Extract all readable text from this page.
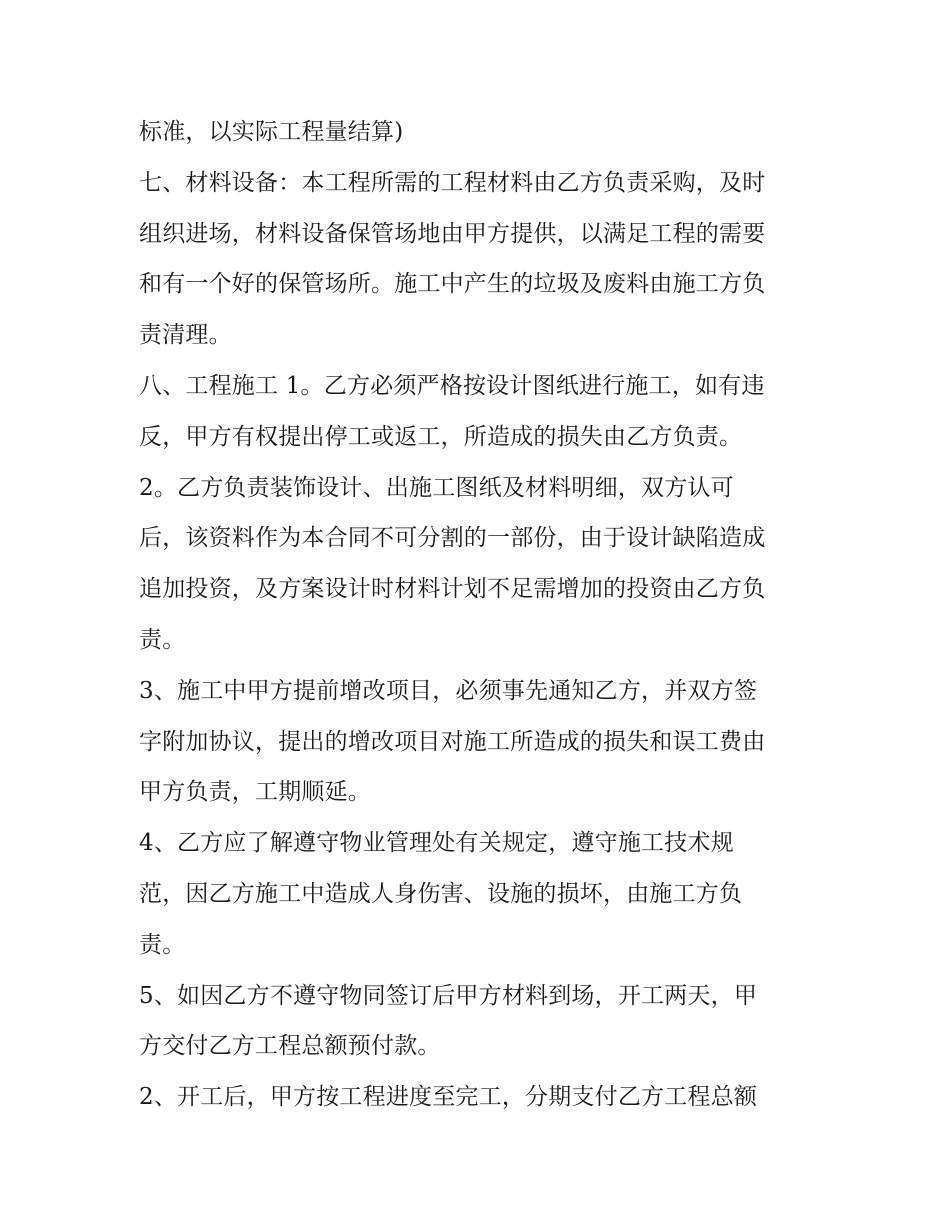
标准，以实际工程量结算)
七、材料设备：本工程所需的工程材料由乙方负责采购，及时
组织进场，材料设备保管场地由甲方提供，以满足工程的需要
和有一个好的保管场所。施工中产生的垃圾及废料由施工方负
责清理。
八、工程施工 1。乙方必须严格按设计图纸进行施工，如有违
反，甲方有权提出停工或返工，所造成的损失由乙方负责。
2。乙方负责装饰设计、出施工图纸及材料明细，双方认可
后，该资料作为本合同不可分割的一部份，由于设计缺陷造成
追加投资，及方案设计时材料计划不足需增加的投资由乙方负
责。
3、施工中甲方提前增改项目，必须事先通知乙方，并双方签
字附加协议，提出的增改项目对施工所造成的损失和误工费由
甲方负责，工期顺延。
4、乙方应了解遵守物业管理处有关规定，遵守施工技术规
范，因乙方施工中造成人身伤害、设施的损坏，由施工方负
责。
5、如因乙方不遵守物同签订后甲方材料到场，开工两天，甲
方交付乙方工程总额预付款。
2、开工后，甲方按工程进度至完工，分期支付乙方工程总额
